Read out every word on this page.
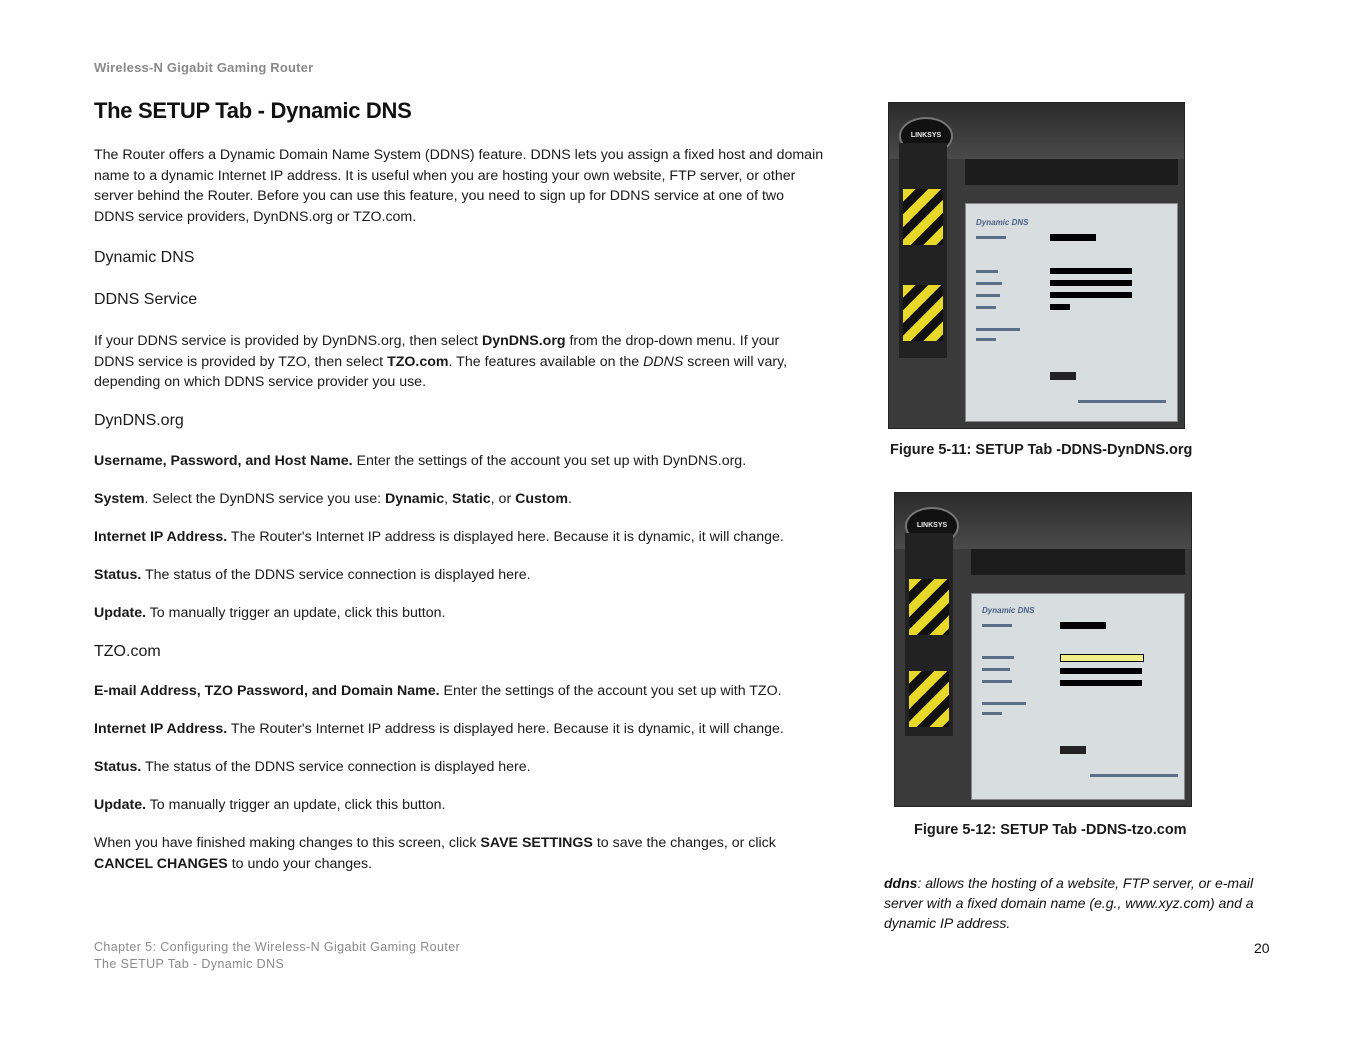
Wireless-N Gigabit Gaming Router
The SETUP Tab - Dynamic DNS
The Router offers a Dynamic Domain Name System (DDNS) feature. DDNS lets you assign a fixed host and domain
name to a dynamic Internet IP address. It is useful when you are hosting your own website, FTP server, or other
server behind the Router. Before you can use this feature, you need to sign up for DDNS service at one of two
DDNS service providers, DynDNS.org or TZO.com.
Dynamic DNS
DDNS Service
If your DDNS service is provided by DynDNS.org, then select DynDNS.org from the drop-down menu. If your
DDNS service is provided by TZO, then select TZO.com. The features available on the DDNS screen will vary,
depending on which DDNS service provider you use.
DynDNS.org
Username, Password, and Host Name. Enter the settings of the account you set up with DynDNS.org.
System. Select the DynDNS service you use: Dynamic, Static, or Custom.
Internet IP Address. The Router's Internet IP address is displayed here. Because it is dynamic, it will change.
Status. The status of the DDNS service connection is displayed here.
Update. To manually trigger an update, click this button.
TZO.com
E-mail Address, TZO Password, and Domain Name. Enter the settings of the account you set up with TZO.
Internet IP Address. The Router's Internet IP address is displayed here. Because it is dynamic, it will change.
Status. The status of the DDNS service connection is displayed here.
Update. To manually trigger an update, click this button.
When you have finished making changes to this screen, click SAVE SETTINGS to save the changes, or click
CANCEL CHANGES to undo your changes.
LINKSYS
Dynamic DNS
Figure 5-11: SETUP Tab -DDNS-DynDNS.org
LINKSYS
Dynamic DNS
Figure 5-12: SETUP Tab -DDNS-tzo.com
ddns: allows the hosting of a website, FTP server, or e-mail server with a fixed domain name (e.g., www.xyz.com) and a dynamic IP address.
Chapter 5: Configuring the Wireless-N Gigabit Gaming Router
The SETUP Tab - Dynamic DNS
20
